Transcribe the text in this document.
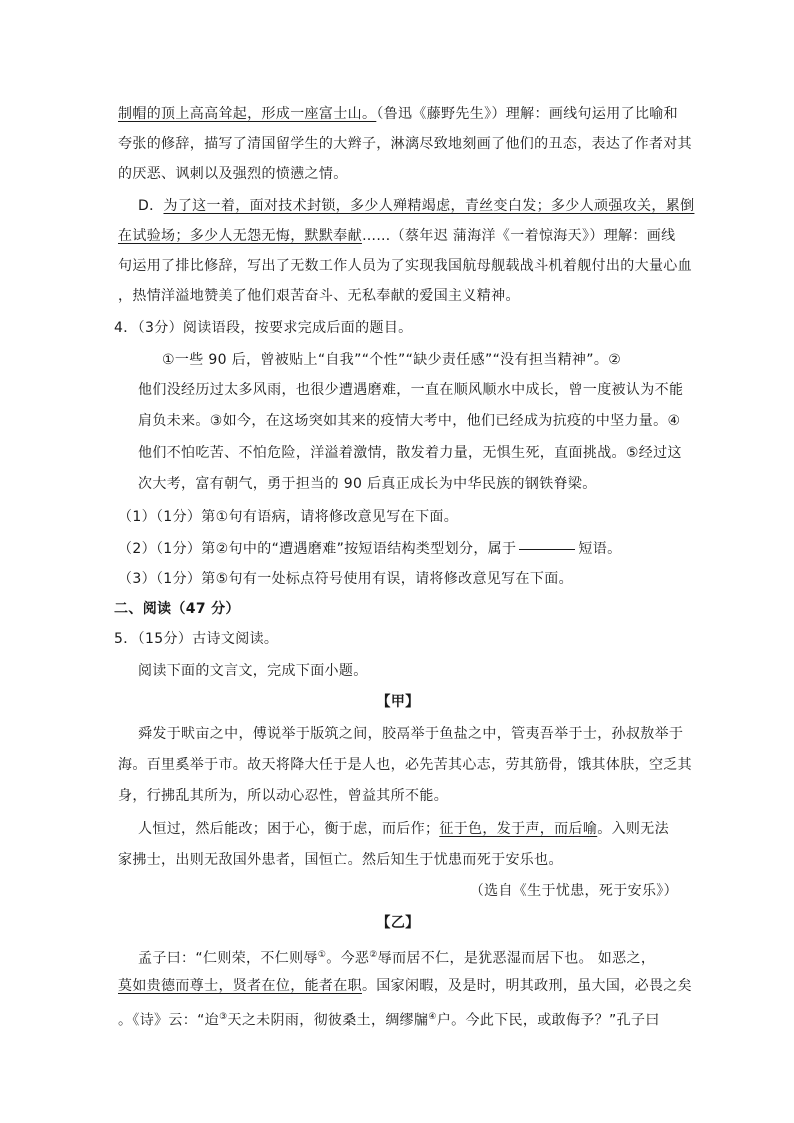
制帽的顶上高高耸起，形成一座富士山。（鲁迅《藤野先生》）理解：画线句运用了比喻和
夸张的修辞，描写了清国留学生的大辫子，淋漓尽致地刻画了他们的丑态，表达了作者对其
的厌恶、讽刺以及强烈的愤懑之情。
D．为了这一着，面对技术封锁，多少人殚精竭虑，青丝变白发；多少人顽强攻关，累倒
在试验场；多少人无怨无悔，默默奉献……（蔡年迟 蒲海洋《一着惊海天》）理解：画线
句运用了排比修辞，写出了无数工作人员为了实现我国航母舰载战斗机着舰付出的大量心血
，热情洋溢地赞美了他们艰苦奋斗、无私奉献的爱国主义精神。
4．（3分）阅读语段，按要求完成后面的题目。
①一些 90 后，曾被贴上“自我”“个性”“缺少责任感”“没有担当精神”。②
他们没经历过太多风雨，也很少遭遇磨难，一直在顺风顺水中成长，曾一度被认为不能
肩负未来。③如今，在这场突如其来的疫情大考中，他们已经成为抗疫的中坚力量。④
他们不怕吃苦、不怕危险，洋溢着激情，散发着力量，无惧生死，直面挑战。⑤经过这
次大考，富有朝气，勇于担当的 90 后真正成长为中华民族的钢铁脊梁。
（1）（1分）第①句有语病，请将修改意见写在下面。
（2）（1分）第②句中的“遭遇磨难”按短语结构类型划分，属于	短语。
（3）（1分）第⑤句有一处标点符号使用有误，请将修改意见写在下面。
二、阅读（47 分）
5．（15分）古诗文阅读。
阅读下面的文言文，完成下面小题。
【甲】
舜发于畎亩之中，傅说举于版筑之间，胶鬲举于鱼盐之中，管夷吾举于士，孙叔敖举于
海。百里奚举于市。故天将降大任于是人也，必先苦其心志，劳其筋骨，饿其体肤，空乏其
身，行拂乱其所为，所以动心忍性，曾益其所不能。
人恒过，然后能改；困于心，衡于虑，而后作；征于色，发于声，而后喻。入则无法
家拂士，出则无敌国外患者，国恒亡。然后知生于忧患而死于安乐也。
（选自《生于忧患，死于安乐》）
【乙】
孟子曰：“仁则荣，不仁则辱①。今恶②辱而居不仁，是犹恶湿而居下也。 如恶之，
莫如贵德而尊士，贤者在位，能者在职。国家闲暇，及是时，明其政刑，虽大国，必畏之矣
。《诗》云：“迨③天之未阴雨，彻彼桑土，绸缪牖④户。今此下民，或敢侮予？”孔子曰
